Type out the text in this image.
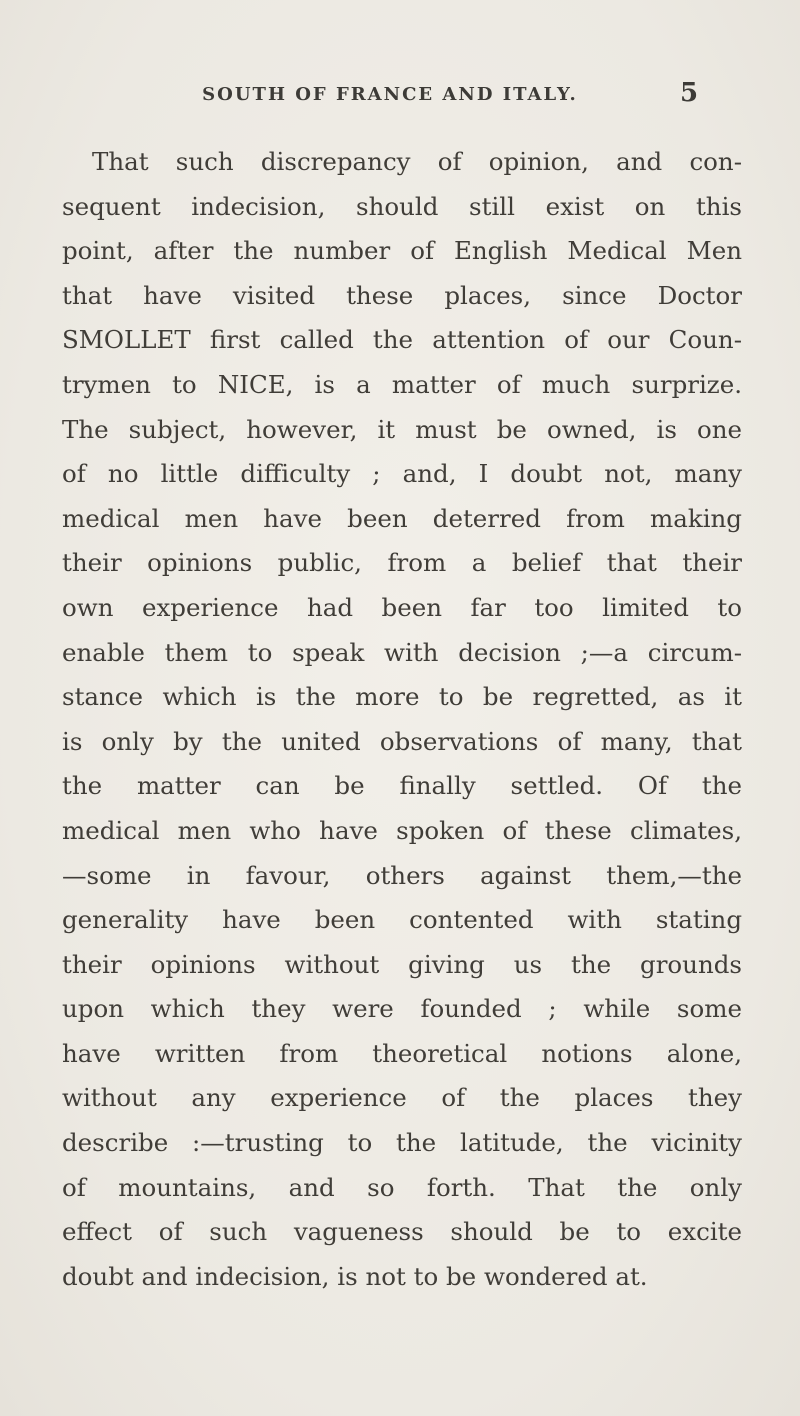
SOUTH OF FRANCE AND ITALY.	5
That such discrepancy of opinion, and con-
sequent indecision, should still exist on this
point, after the number of English Medical Men
that have visited these places, since Doctor
SMOLLET first called the attention of our Coun-
trymen to NICE, is a matter of much surprize.
The subject, however, it must be owned, is one
of no little difficulty ; and, I doubt not, many
medical men have been deterred from making
their opinions public, from a belief that their
own experience had been far too limited to
enable them to speak with decision ;—a circum-
stance which is the more to be regretted, as it
is only by the united observations of many, that
the matter can be finally settled. Of the
medical men who have spoken of these climates,
—some in favour, others against them,—the
generality have been contented with stating
their opinions without giving us the grounds
upon which they were founded ; while some
have written from theoretical notions alone,
without any experience of the places they
describe :—trusting to the latitude, the vicinity
of mountains, and so forth. That the only
effect of such vagueness should be to excite
doubt and indecision, is not to be wondered at.
